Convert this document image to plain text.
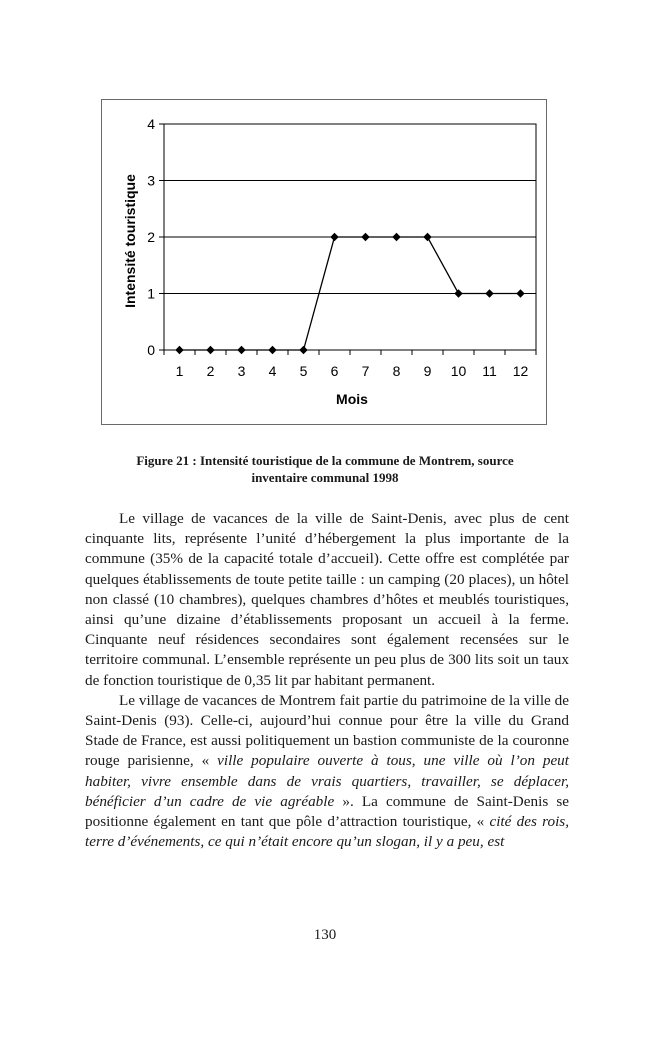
0
1
2
3
4
1 2 3 4 5 6 7 8 9 10 11 12
Intensité touristique
Mois
Figure 21 : Intensité touristique de la commune de Montrem, source
inventaire communal 1998

Le village de vacances de la ville de Saint-Denis, avec plus de cent cinquante lits, représente l’unité d’hébergement la plus importante de la commune (35% de la capacité totale d’accueil). Cette offre est complétée par quelques établissements de toute petite taille : un camping (20 places), un hôtel non classé (10 chambres), quelques chambres d’hôtes et meublés touristiques, ainsi qu’une dizaine d’établissements proposant un accueil à la ferme. Cinquante neuf résidences secondaires sont également recensées sur le territoire communal. L’ensemble représente un peu plus de 300 lits soit un taux de fonction touristique de 0,35 lit par habitant permanent.

Le village de vacances de Montrem fait partie du patrimoine de la ville de Saint-Denis (93). Celle-ci, aujourd’hui connue pour être la ville du Grand Stade de France, est aussi politiquement un bastion communiste de la couronne rouge parisienne, « ville populaire ouverte à tous, une ville où l’on peut habiter, vivre ensemble dans de vrais quartiers, travailler, se déplacer, bénéficier d’un cadre de vie agréable ». La commune de Saint-Denis se positionne également en tant que pôle d’attraction touristique, « cité des rois, terre d’événements, ce qui n’était encore qu’un slogan, il y a peu, est

130
